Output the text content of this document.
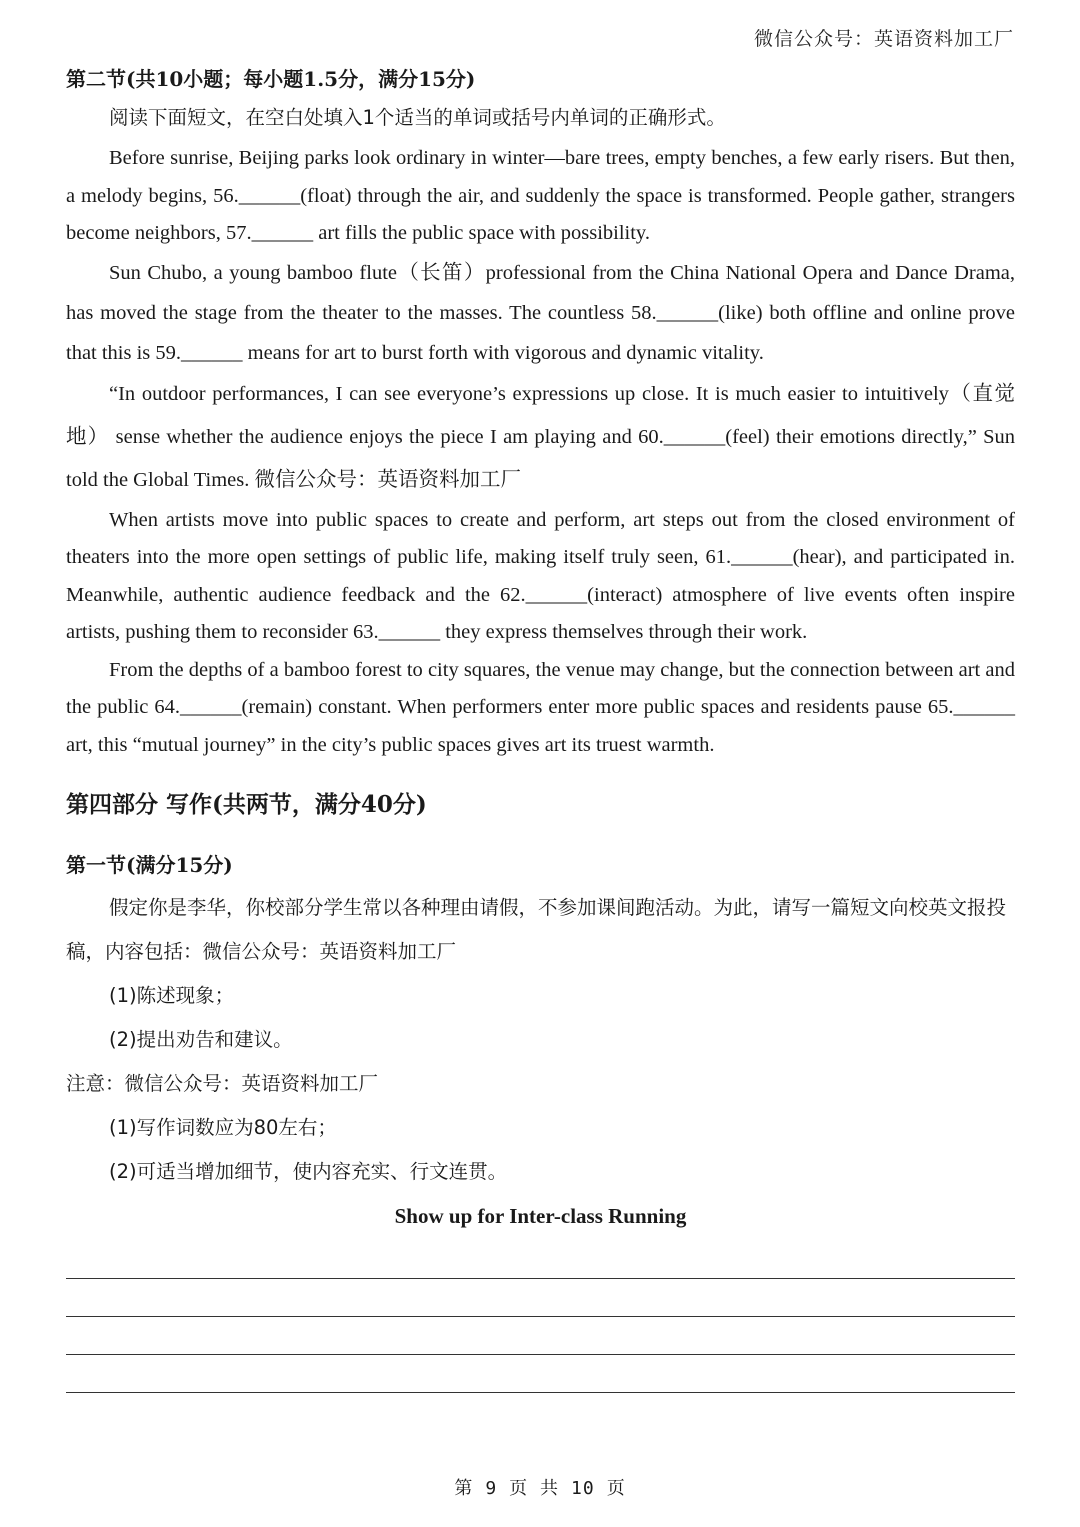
微信公众号：英语资料加工厂

第二节(共10小题；每小题1.5分，满分15分)

阅读下面短文，在空白处填入1个适当的单词或括号内单词的正确形式。

Before sunrise, Beijing parks look ordinary in winter—bare trees, empty benches, a few early risers. But then, a melody begins, 56.______(float) through the air, and suddenly the space is transformed. People gather, strangers become neighbors, 57.______ art fills the public space with possibility.

Sun Chubo, a young bamboo flute（长笛）professional from the China National Opera and Dance Drama, has moved the stage from the theater to the masses. The countless 58.______(like) both offline and online prove that this is 59.______ means for art to burst forth with vigorous and dynamic vitality.

“In outdoor performances, I can see everyone’s expressions up close. It is much easier to intuitively（直觉地） sense whether the audience enjoys the piece I am playing and 60.______(feel) their emotions directly,” Sun told the Global Times. 微信公众号：英语资料加工厂

When artists move into public spaces to create and perform, art steps out from the closed environment of theaters into the more open settings of public life, making itself truly seen, 61.______(hear), and participated in. Meanwhile, authentic audience feedback and the 62.______(interact) atmosphere of live events often inspire artists, pushing them to reconsider 63.______ they express themselves through their work.

From the depths of a bamboo forest to city squares, the venue may change, but the connection between art and the public 64.______(remain) constant. When performers enter more public spaces and residents pause 65.______ art, this “mutual journey” in the city’s public spaces gives art its truest warmth.

第四部分 写作(共两节，满分40分)

第一节(满分15分)

假定你是李华，你校部分学生常以各种理由请假，不参加课间跑活动。为此，请写一篇短文向校英文报投稿，内容包括：微信公众号：英语资料加工厂

(1)陈述现象；

(2)提出劝告和建议。

注意：微信公众号：英语资料加工厂

(1)写作词数应为80左右；

(2)可适当增加细节，使内容充实、行文连贯。

Show up for Inter-class Running

第 9 页 共 10 页
